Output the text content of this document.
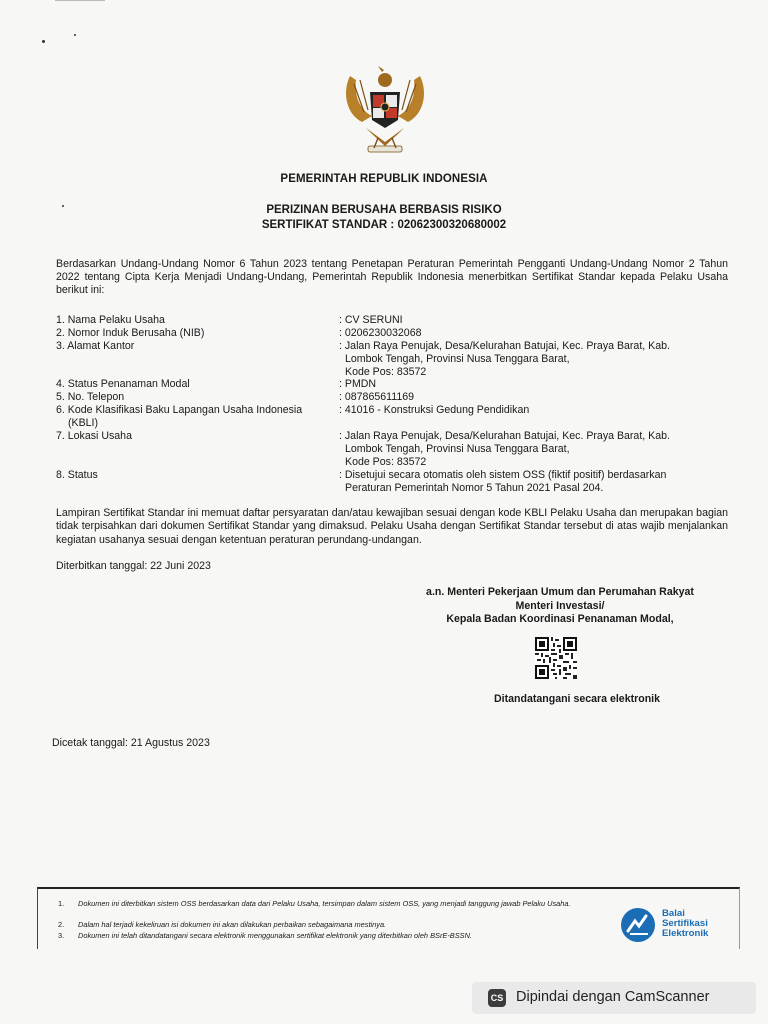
PEMERINTAH REPUBLIK INDONESIA
PERIZINAN BERUSAHA BERBASIS RISIKO
SERTIFIKAT STANDAR : 02062300320680002
Berdasarkan Undang-Undang Nomor 6 Tahun 2023 tentang Penetapan Peraturan Pemerintah Pengganti Undang-Undang Nomor 2 Tahun 2022 tentang Cipta Kerja Menjadi Undang-Undang, Pemerintah Republik Indonesia menerbitkan Sertifikat Standar kepada Pelaku Usaha berikut ini:
1. Nama Pelaku Usaha	: CV SERUNI
2. Nomor Induk Berusaha (NIB)	: 0206230032068
3. Alamat Kantor	: Jalan Raya Penujak, Desa/Kelurahan Batujai, Kec. Praya Barat, Kab.
Lombok Tengah, Provinsi Nusa Tenggara Barat,
Kode Pos: 83572
4. Status Penanaman Modal	: PMDN
5. No. Telepon	: 087865611169
6. Kode Klasifikasi Baku Lapangan Usaha Indonesia
(KBLI)
: 41016 - Konstruksi Gedung Pendidikan
7. Lokasi Usaha	: Jalan Raya Penujak, Desa/Kelurahan Batujai, Kec. Praya Barat, Kab.
Lombok Tengah, Provinsi Nusa Tenggara Barat,
Kode Pos: 83572
8. Status	: Disetujui secara otomatis oleh sistem OSS (fiktif positif) berdasarkan
Peraturan Pemerintah Nomor 5 Tahun 2021 Pasal 204.
Lampiran Sertifikat Standar ini memuat daftar persyaratan dan/atau kewajiban sesuai dengan kode KBLI Pelaku Usaha dan merupakan bagian tidak terpisahkan dari dokumen Sertifikat Standar yang dimaksud. Pelaku Usaha dengan Sertifikat Standar tersebut di atas wajib menjalankan kegiatan usahanya sesuai dengan ketentuan peraturan perundang-undangan.
Diterbitkan tanggal: 22 Juni 2023
a.n. Menteri Pekerjaan Umum dan Perumahan Rakyat
Menteri Investasi/
Kepala Badan Koordinasi Penanaman Modal,
Ditandatangani secara elektronik
Dicetak tanggal: 21 Agustus 2023
1. Dokumen ini diterbitkan sistem OSS berdasarkan data dari Pelaku Usaha, tersimpan dalam sistem OSS, yang menjadi tanggung jawab Pelaku Usaha.
2. Dalam hal terjadi kekeliruan isi dokumen ini akan dilakukan perbaikan sebagaimana mestinya.
3. Dokumen ini telah ditandatangani secara elektronik menggunakan sertifikat elektronik yang diterbitkan oleh BSrE-BSSN.
Balai
Sertifikasi
Elektronik
CS Dipindai dengan CamScanner
